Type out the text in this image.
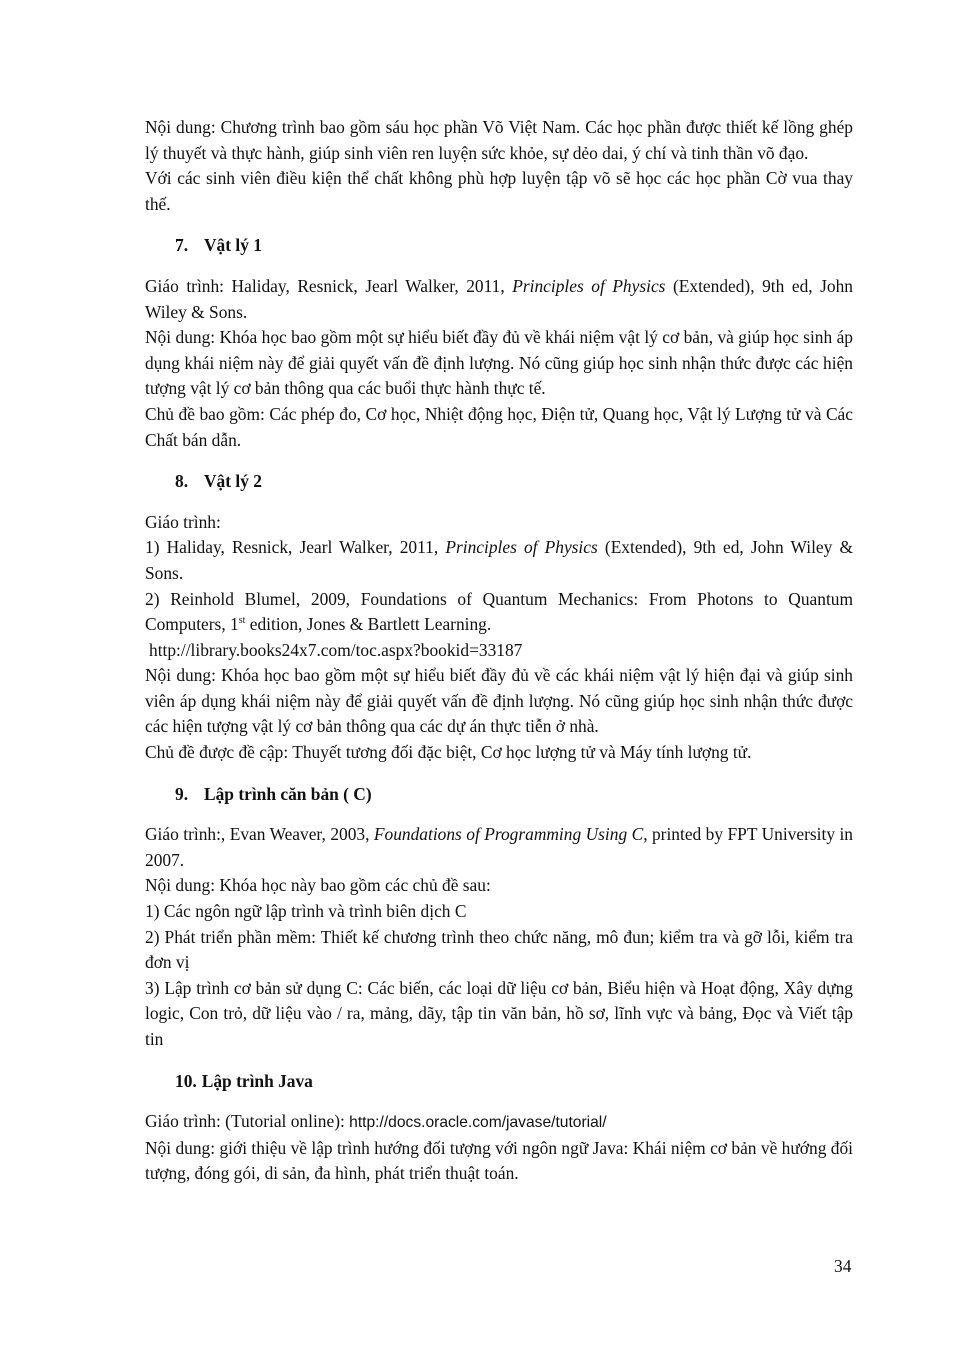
Nội dung: Chương trình bao gồm sáu học phần Võ Việt Nam. Các học phần được thiết kế lồng ghép lý thuyết và thực hành, giúp sinh viên ren luyện sức khỏe, sự dẻo dai, ý chí và tinh thần võ đạo.

Với các sinh viên điều kiện thể chất không phù hợp luyện tập võ sẽ học các học phần Cờ vua thay thế.

7. Vật lý 1

Giáo trình: Haliday, Resnick, Jearl Walker, 2011, Principles of Physics (Extended), 9th ed, John Wiley & Sons.

Nội dung: Khóa học bao gồm một sự hiểu biết đầy đủ về khái niệm vật lý cơ bản, và giúp học sinh áp dụng khái niệm này để giải quyết vấn đề định lượng. Nó cũng giúp học sinh nhận thức được các hiện tượng vật lý cơ bản thông qua các buổi thực hành thực tế.

Chủ đề bao gồm: Các phép đo, Cơ học, Nhiệt động học, Điện tử, Quang học, Vật lý Lượng tử và Các Chất bán dẫn.

8. Vật lý 2

Giáo trình:

1) Haliday, Resnick, Jearl Walker, 2011, Principles of Physics (Extended), 9th ed, John Wiley & Sons.

2) Reinhold Blumel, 2009, Foundations of Quantum Mechanics: From Photons to Quantum Computers, 1st edition, Jones & Bartlett Learning.

http://library.books24x7.com/toc.aspx?bookid=33187

Nội dung: Khóa học bao gồm một sự hiểu biết đầy đủ về các khái niệm vật lý hiện đại và giúp sinh viên áp dụng khái niệm này để giải quyết vấn đề định lượng. Nó cũng giúp học sinh nhận thức được các hiện tượng vật lý cơ bản thông qua các dự án thực tiễn ở nhà.

Chủ đề được đề cập: Thuyết tương đối đặc biệt, Cơ học lượng tử và Máy tính lượng tử.

9. Lập trình căn bản ( C)

Giáo trình:, Evan Weaver, 2003, Foundations of Programming Using C, printed by FPT University in 2007.

Nội dung: Khóa học này bao gồm các chủ đề sau:

1) Các ngôn ngữ lập trình và trình biên dịch C

2) Phát triển phần mềm: Thiết kế chương trình theo chức năng, mô đun; kiểm tra và gỡ lỗi, kiểm tra đơn vị

3) Lập trình cơ bản sử dụng C: Các biến, các loại dữ liệu cơ bản, Biểu hiện và Hoạt động, Xây dựng logic, Con trỏ, dữ liệu vào / ra, mảng, dãy, tập tin văn bản, hồ sơ, lĩnh vực và bảng, Đọc và Viết tập tin

10. Lập trình Java

Giáo trình: (Tutorial online): http://docs.oracle.com/javase/tutorial/

Nội dung: giới thiệu về lập trình hướng đối tượng với ngôn ngữ Java: Khái niệm cơ bản về hướng đối tượng, đóng gói, di sản, đa hình, phát triển thuật toán.

34
